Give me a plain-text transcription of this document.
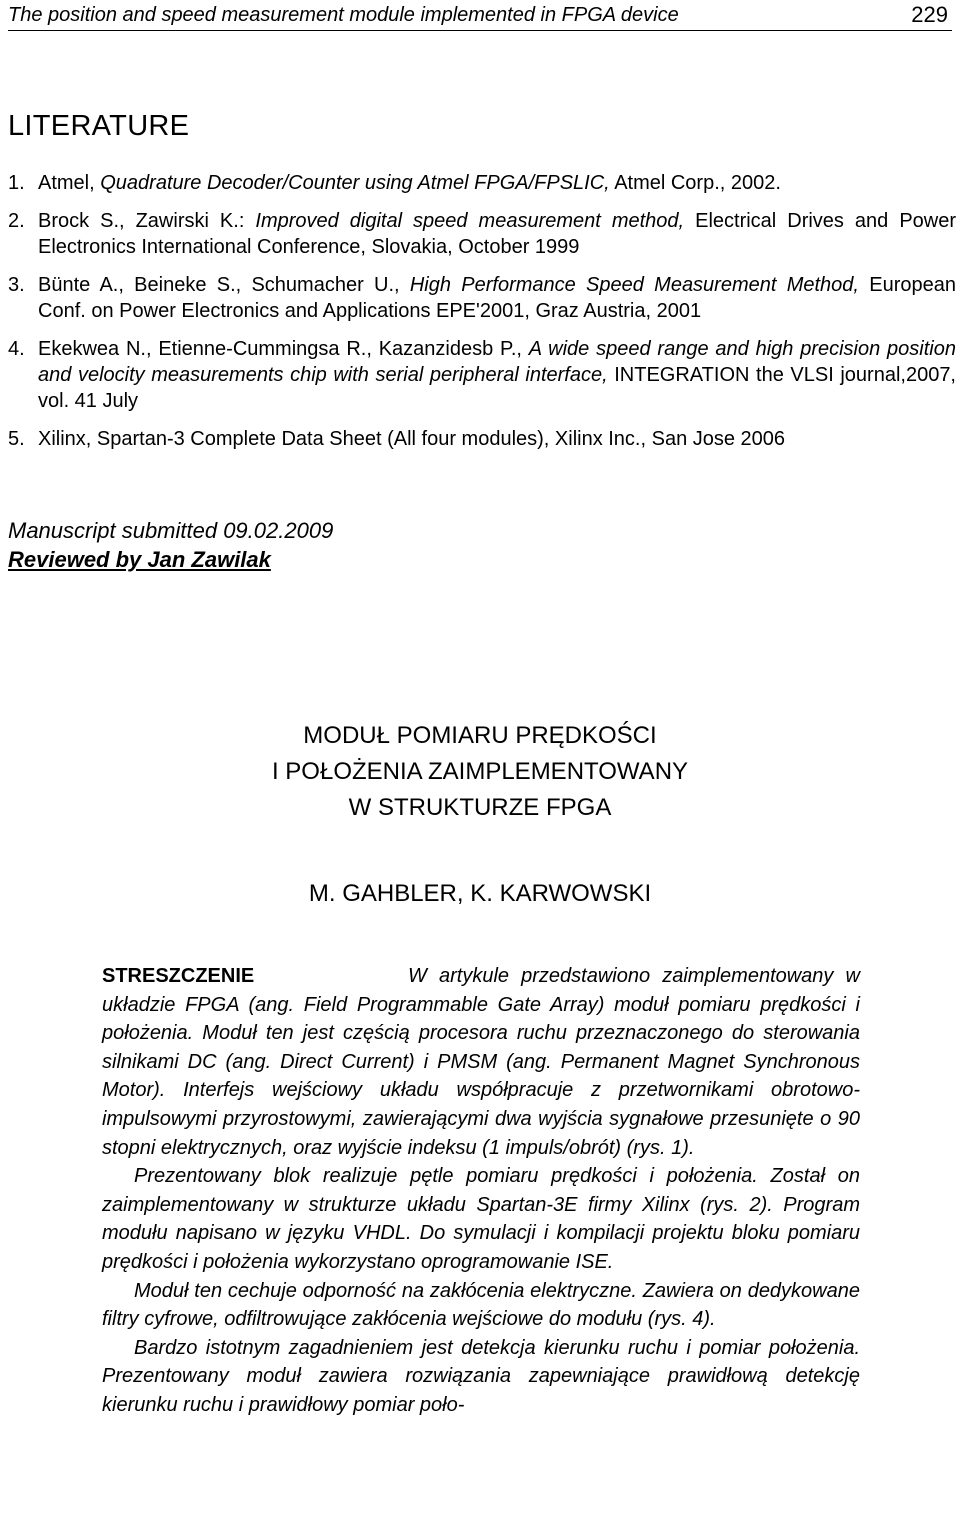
The position and speed measurement module implemented in FPGA device	229
LITERATURE
1. Atmel, Quadrature Decoder/Counter using Atmel FPGA/FPSLIC, Atmel Corp., 2002.
2. Brock S., Zawirski K.: Improved digital speed measurement method, Electrical Drives and Power Electronics International Conference, Slovakia, October 1999
3. Bünte A., Beineke S., Schumacher U., High Performance Speed Measurement Method, European Conf. on Power Electronics and Applications EPE'2001, Graz Austria, 2001
4. Ekekwea N., Etienne-Cummingsa R., Kazanzidesb P., A wide speed range and high precision position and velocity measurements chip with serial peripheral interface, INTEGRATION the VLSI journal,2007, vol. 41 July
5. Xilinx, Spartan-3 Complete Data Sheet (All four modules), Xilinx Inc., San Jose 2006
Manuscript submitted 09.02.2009
Reviewed by Jan Zawilak
MODUŁ POMIARU PRĘDKOŚCI
I POŁOŻENIA ZAIMPLEMENTOWANY
W STRUKTURZE FPGA
M. GAHBLER, K. KARWOWSKI

STRESZCZENIE	W artykule przedstawiono zaimplementowany w układzie FPGA (ang. Field Programmable Gate Array) moduł pomiaru prędkości i położenia. Moduł ten jest częścią procesora ruchu przeznaczonego do sterowania silnikami DC (ang. Direct Current) i PMSM (ang. Permanent Magnet Synchronous Motor). Interfejs wejściowy układu współpracuje z przetwornikami obrotowo-impulsowymi przyrostowymi, zawierającymi dwa wyjścia sygnałowe przesunięte o 90 stopni elektrycznych, oraz wyjście indeksu (1 impuls/obrót) (rys. 1).

Prezentowany blok realizuje pętle pomiaru prędkości i położenia. Został on zaimplementowany w strukturze układu Spartan-3E firmy Xilinx (rys. 2). Program modułu napisano w języku VHDL. Do symulacji i kompilacji projektu bloku pomiaru prędkości i położenia wykorzystano oprogramowanie ISE.

Moduł ten cechuje odporność na zakłócenia elektryczne. Zawiera on dedykowane filtry cyfrowe, odfiltrowujące zakłócenia wejściowe do modułu (rys. 4).

Bardzo istotnym zagadnieniem jest detekcja kierunku ruchu i pomiar położenia. Prezentowany moduł zawiera rozwiązania zapewniające prawidłową detekcję kierunku ruchu i prawidłowy pomiar poło-
